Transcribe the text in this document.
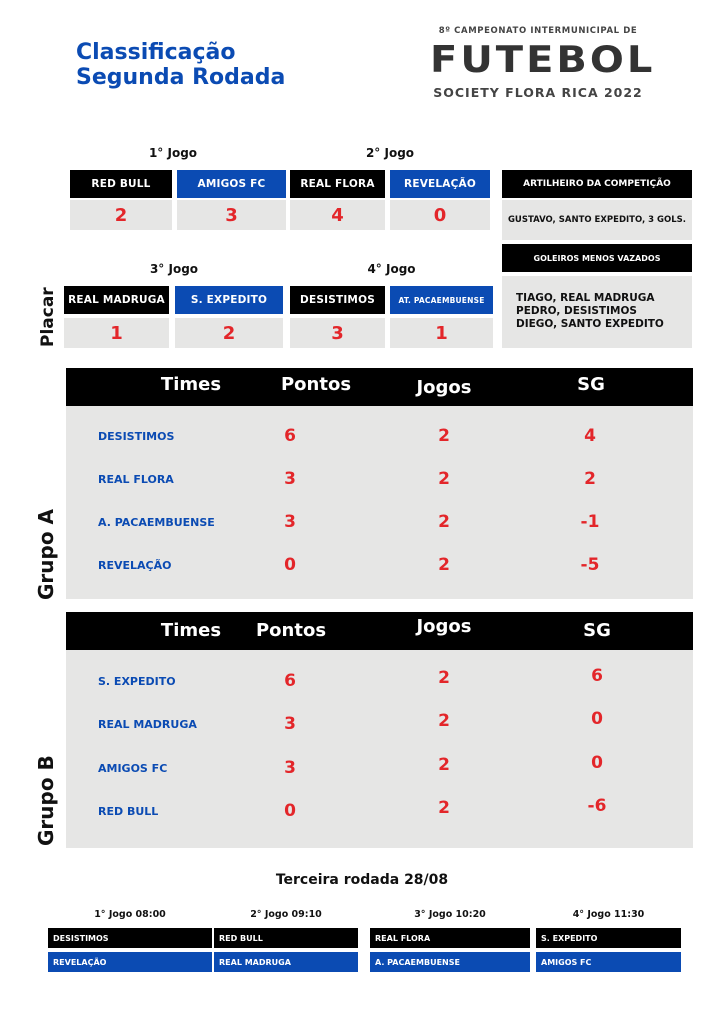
Classificação
Segunda Rodada
8º CAMPEONATO INTERMUNICIPAL DE
FUTEBOL
SOCIETY FLORA RICA 2022
Placar
1° Jogo
RED BULL	AMIGOS FC
2	3
2° Jogo
REAL FLORA	REVELAÇÃO
4	0
3° Jogo
REAL MADRUGA	S. EXPEDITO
1	2
4° Jogo
DESISTIMOS	AT. PACAEMBUENSE
3	1
ARTILHEIRO DA COMPETIÇÃO
GUSTAVO, SANTO EXPEDITO, 3 GOLS.
GOLEIROS MENOS VAZADOS
TIAGO, REAL MADRUGA
PEDRO, DESISTIMOS
DIEGO, SANTO EXPEDITO
Grupo A
Times	Pontos	Jogos	SG
DESISTIMOS	6	2	4
REAL FLORA	3	2	2
A. PACAEMBUENSE	3	2	-1
REVELAÇÃO	0	2	-5
Grupo B
Times	Pontos	Jogos	SG
S. EXPEDITO	6	2	6
REAL MADRUGA	3	2	0
AMIGOS FC	3	2	0
RED BULL	0	2	-6
Terceira rodada 28/08
1° Jogo 08:00
DESISTIMOS
REVELAÇÃO
2° Jogo 09:10
RED BULL
REAL MADRUGA
3° Jogo 10:20
REAL FLORA
A. PACAEMBUENSE
4° Jogo 11:30
S. EXPEDITO
AMIGOS FC
